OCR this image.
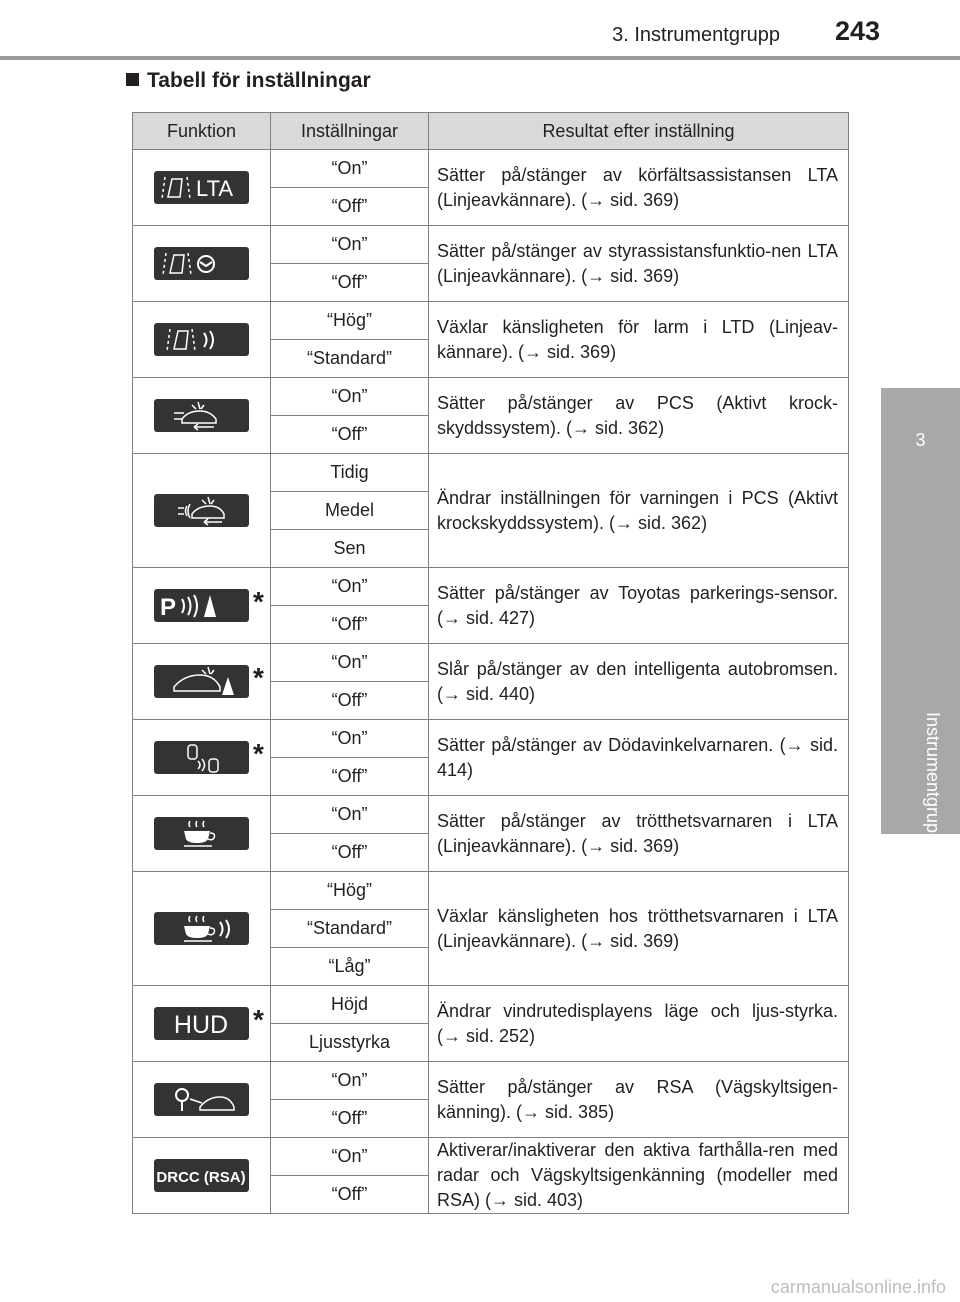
3. Instrumentgrupp 243
3
Instrumentgrupp
Tabell för inställningar
Funktion	Inställningar	Resultat efter inställning

LTA	“On”	Sätter på/stänger av körfältsassistansen LTA (Linjeavkännare). (→ sid. 369)
	“Off”	

	“On”	Sätter på/stänger av styrassistansfunktio-nen LTA (Linjeavkännare). (→ sid. 369)
	“Off”	

	“Hög”	Växlar känsligheten för larm i LTD (Linjeav-kännare). (→ sid. 369)
	“Standard”	

	“On”	Sätter på/stänger av PCS (Aktivt krock-skyddssystem). (→ sid. 362)
	“Off”	

	Tidig	Ändrar inställningen för varningen i PCS (Aktivt krockskyddssystem). (→ sid. 362)
	Medel	
	Sen	

P *	“On”	Sätter på/stänger av Toyotas parkerings-sensor. (→ sid. 427)
	“Off”	

*	“On”	Slår på/stänger av den intelligenta autobromsen. (→ sid. 440)
	“Off”	

*	“On”	Sätter på/stänger av Dödavinkelvarnaren. (→ sid. 414)
	“Off”	

	“On”	Sätter på/stänger av trötthetsvarnaren i LTA (Linjeavkännare). (→ sid. 369)
	“Off”	

	“Hög”	Växlar känsligheten hos trötthetsvarnaren i LTA (Linjeavkännare). (→ sid. 369)
	“Standard”	
	“Låg”	

HUD *	Höjd	Ändrar vindrutedisplayens läge och ljus-styrka. (→ sid. 252)
	Ljusstyrka	

	“On”	Sätter på/stänger av RSA (Vägskyltsigen-känning). (→ sid. 385)
	“Off”	

DRCC (RSA)	“On”	Aktiverar/inaktiverar den aktiva farthålla-ren med radar och Vägskyltsigenkänning (modeller med RSA) (→ sid. 403)
	“Off”	
carmanualsonline.info
